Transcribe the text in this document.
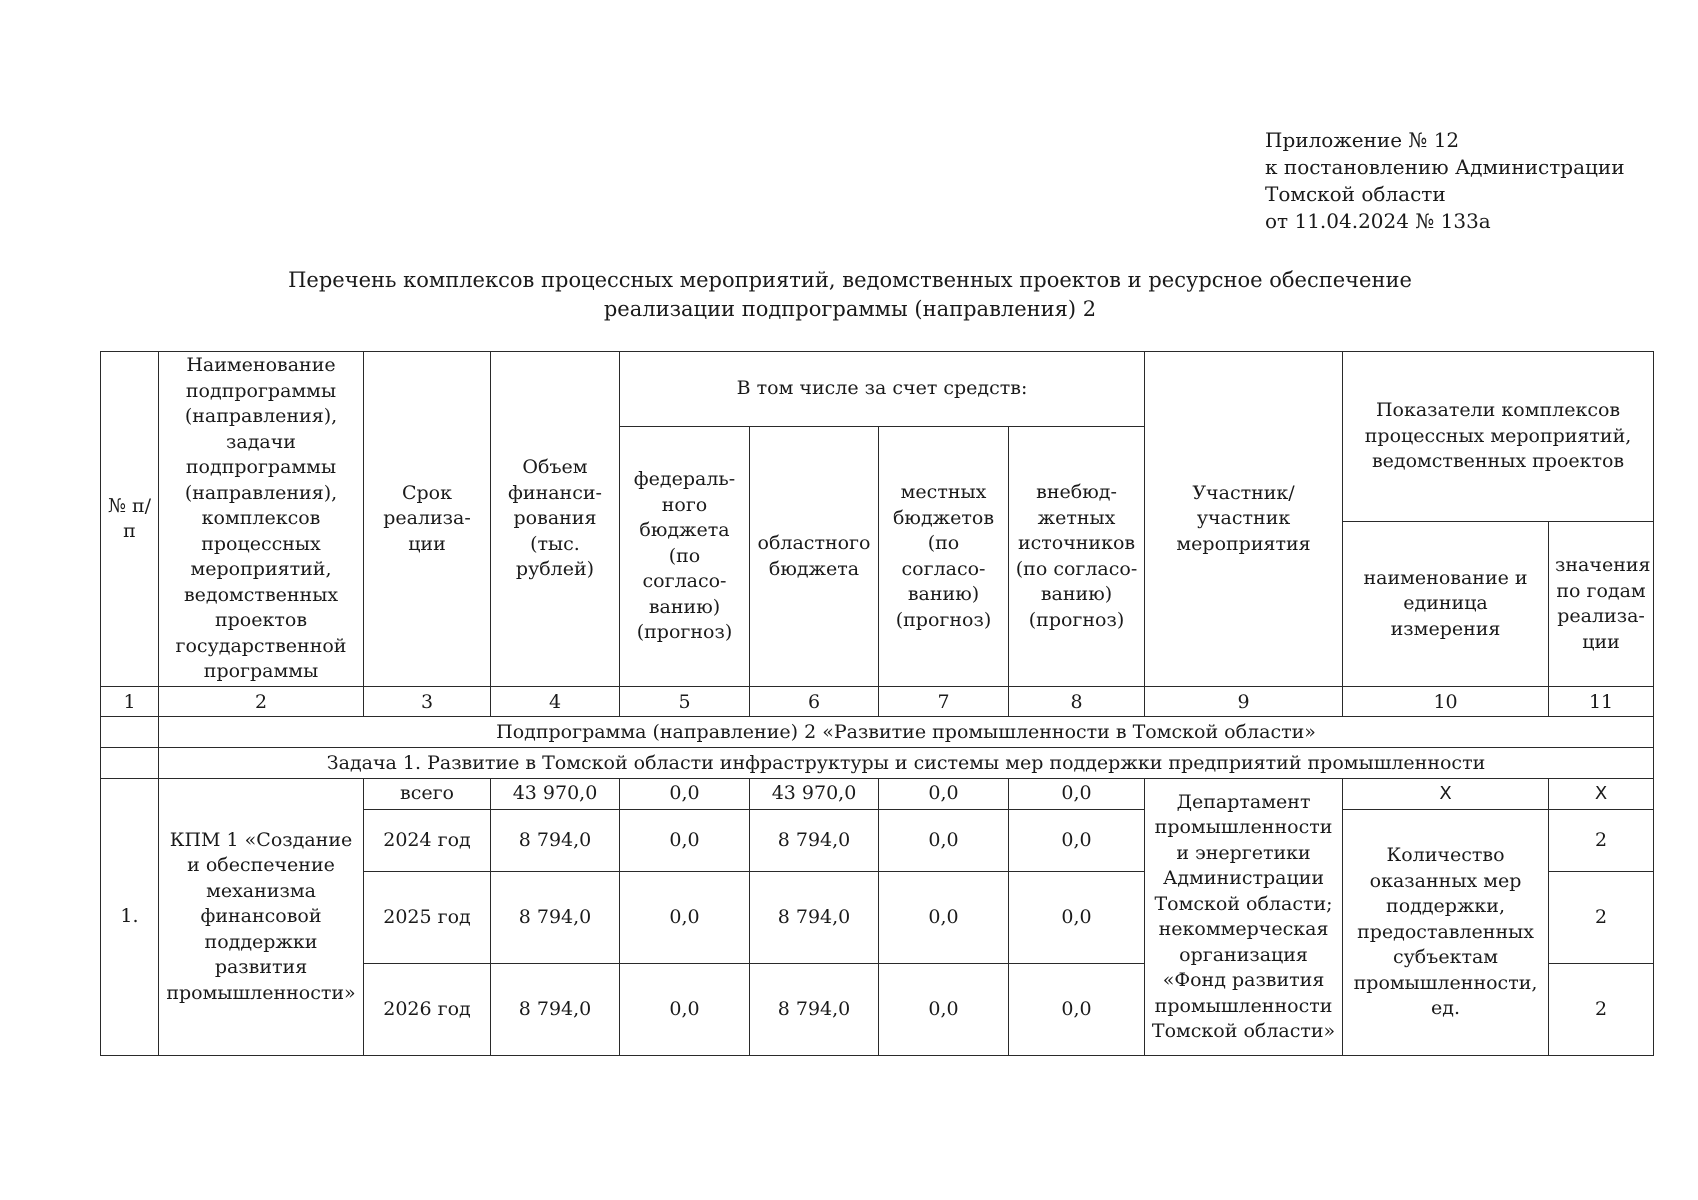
Приложение № 12
к постановлению Администрации
Томской области
от 11.04.2024 № 133а
Перечень комплексов процессных мероприятий, ведомственных проектов и ресурсное обеспечение
реализации подпрограммы (направления) 2
№ п/п	Наименование подпрограммы (направления), задачи подпрограммы (направления), комплексов процессных мероприятий, ведомственных проектов государственной программы	Срок реализа-ции	Объем финанси-рования (тыс. рублей)	В том числе за счет средств:				Участник/ участник мероприятия	Показатели комплексов процессных мероприятий, ведомственных проектов	
				федераль-ного бюджета (по согласо-ванию) (прогноз)	областного бюджета	местных бюджетов (по согласо-ванию) (прогноз)	внебюд-жетных источников (по согласо-ванию) (прогноз)			
									наименование и единица измерения	значения по годам реализа-ции
1	2	3	4	5	6	7	8	9	10	11
	Подпрограмма (направление) 2 «Развитие промышленности в Томской области»									
	Задача 1. Развитие в Томской области инфраструктуры и системы мер поддержки предприятий промышленности									
1.	КПМ 1 «Создание и обеспечение механизма финансовой поддержки развития промышленности»	всего	43 970,0	0,0	43 970,0	0,0	0,0	Департамент промышленности и энергетики Администрации Томской области; некоммерческая организация «Фонд развития промышленности Томской области»	X	X
		2024 год	8 794,0	0,0	8 794,0	0,0	0,0		Количество оказанных мер поддержки, предоставленных субъектам промышленности, ед.	2
		2025 год	8 794,0	0,0	8 794,0	0,0	0,0			2
		2026 год	8 794,0	0,0	8 794,0	0,0	0,0			2
